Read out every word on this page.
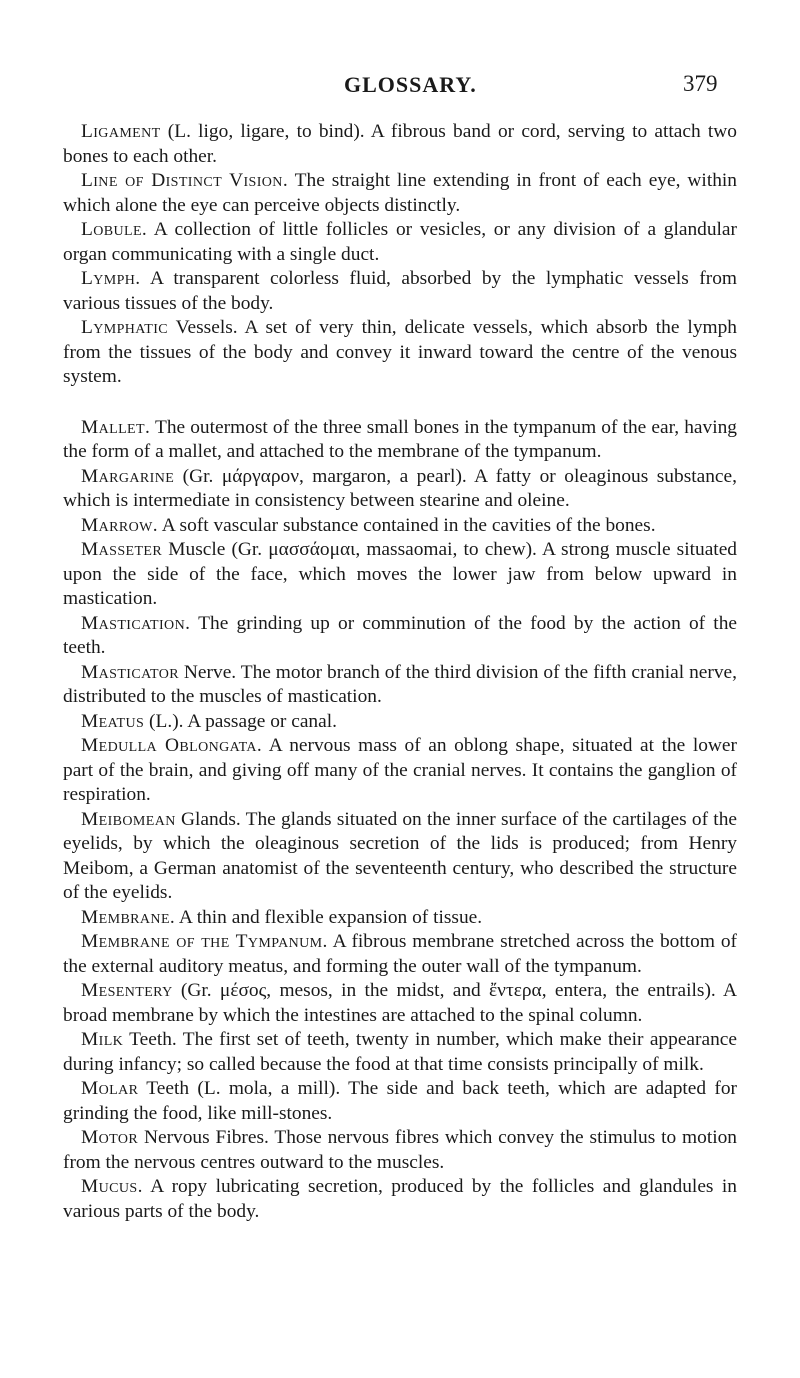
GLOSSARY.	379

Ligament (L. ligo, ligare, to bind). A fibrous band or cord, serving to attach two bones to each other.

Line of Distinct Vision. The straight line extending in front of each eye, within which alone the eye can perceive objects distinctly.

Lobule. A collection of little follicles or vesicles, or any division of a glandular organ communicating with a single duct.

Lymph. A transparent colorless fluid, absorbed by the lymphatic vessels from various tissues of the body.

Lymphatic Vessels. A set of very thin, delicate vessels, which absorb the lymph from the tissues of the body and convey it inward toward the centre of the venous system.

Mallet. The outermost of the three small bones in the tympanum of the ear, having the form of a mallet, and attached to the membrane of the tympanum.

Margarine (Gr. μάργαρον, margaron, a pearl). A fatty or oleaginous substance, which is intermediate in consistency between stearine and oleine.

Marrow. A soft vascular substance contained in the cavities of the bones.

Masseter Muscle (Gr. μασσάομαι, massaomai, to chew). A strong muscle situated upon the side of the face, which moves the lower jaw from below upward in mastication.

Mastication. The grinding up or comminution of the food by the action of the teeth.

Masticator Nerve. The motor branch of the third division of the fifth cranial nerve, distributed to the muscles of mastication.

Meatus (L.). A passage or canal.

Medulla Oblongata. A nervous mass of an oblong shape, situated at the lower part of the brain, and giving off many of the cranial nerves. It contains the ganglion of respiration.

Meibomean Glands. The glands situated on the inner surface of the cartilages of the eyelids, by which the oleaginous secretion of the lids is produced; from Henry Meibom, a German anatomist of the seventeenth century, who described the structure of the eyelids.

Membrane. A thin and flexible expansion of tissue.

Membrane of the Tympanum. A fibrous membrane stretched across the bottom of the external auditory meatus, and forming the outer wall of the tympanum.

Mesentery (Gr. μέσος, mesos, in the midst, and ἔντερα, entera, the entrails). A broad membrane by which the intestines are attached to the spinal column.

Milk Teeth. The first set of teeth, twenty in number, which make their appearance during infancy; so called because the food at that time consists principally of milk.

Molar Teeth (L. mola, a mill). The side and back teeth, which are adapted for grinding the food, like mill-stones.

Motor Nervous Fibres. Those nervous fibres which convey the stimulus to motion from the nervous centres outward to the muscles.

Mucus. A ropy lubricating secretion, produced by the follicles and glandules in various parts of the body.
